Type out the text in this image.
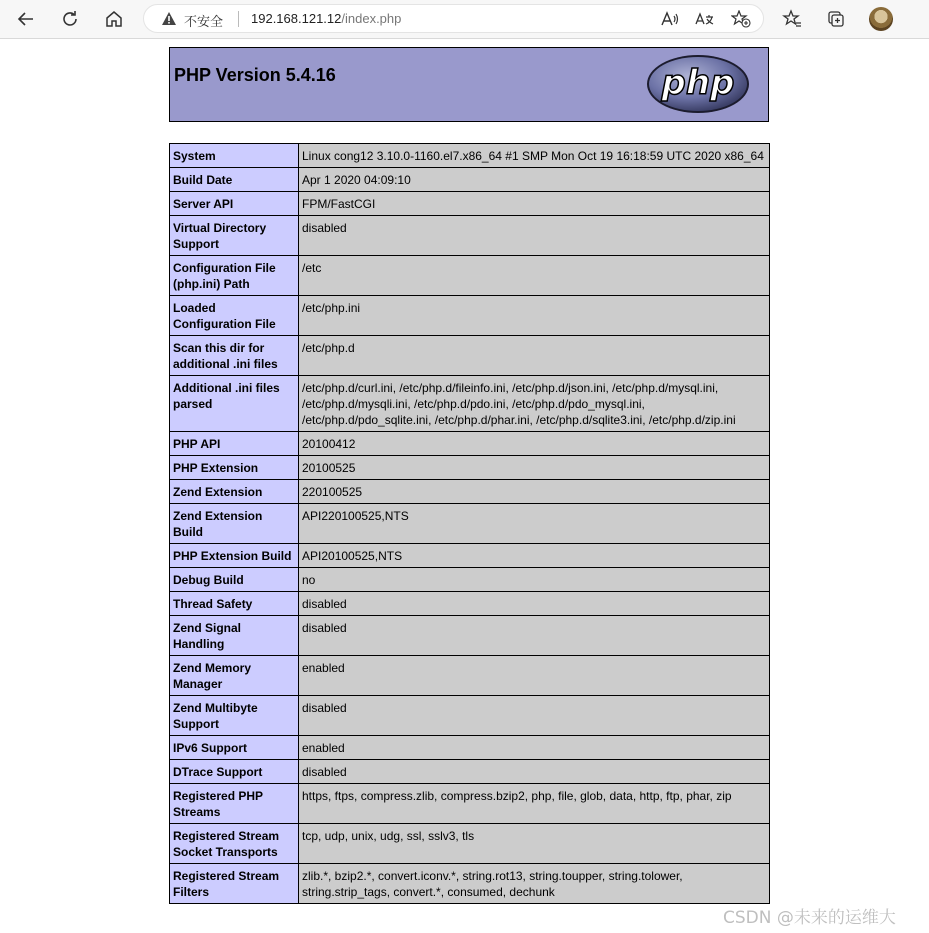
不安全 192.168.121.12/index.php
PHP Version 5.4.16	php
System	Linux cong12 3.10.0-1160.el7.x86_64 #1 SMP Mon Oct 19 16:18:59 UTC 2020 x86_64
Build Date	Apr 1 2020 04:09:10
Server API	FPM/FastCGI
Virtual Directory Support	disabled
Configuration File (php.ini) Path	/etc
Loaded Configuration File	/etc/php.ini
Scan this dir for additional .ini files	/etc/php.d
Additional .ini files parsed	/etc/php.d/curl.ini, /etc/php.d/fileinfo.ini, /etc/php.d/json.ini, /etc/php.d/mysql.ini, /etc/php.d/mysqli.ini, /etc/php.d/pdo.ini, /etc/php.d/pdo_mysql.ini, /etc/php.d/pdo_sqlite.ini, /etc/php.d/phar.ini, /etc/php.d/sqlite3.ini, /etc/php.d/zip.ini
PHP API	20100412
PHP Extension	20100525
Zend Extension	220100525
Zend Extension Build	API220100525,NTS
PHP Extension Build	API20100525,NTS
Debug Build	no
Thread Safety	disabled
Zend Signal Handling	disabled
Zend Memory Manager	enabled
Zend Multibyte Support	disabled
IPv6 Support	enabled
DTrace Support	disabled
Registered PHP Streams	https, ftps, compress.zlib, compress.bzip2, php, file, glob, data, http, ftp, phar, zip
Registered Stream Socket Transports	tcp, udp, unix, udg, ssl, sslv3, tls
Registered Stream Filters	zlib.*, bzip2.*, convert.iconv.*, string.rot13, string.toupper, string.tolower, string.strip_tags, convert.*, consumed, dechunk
CSDN @未来的运维大
